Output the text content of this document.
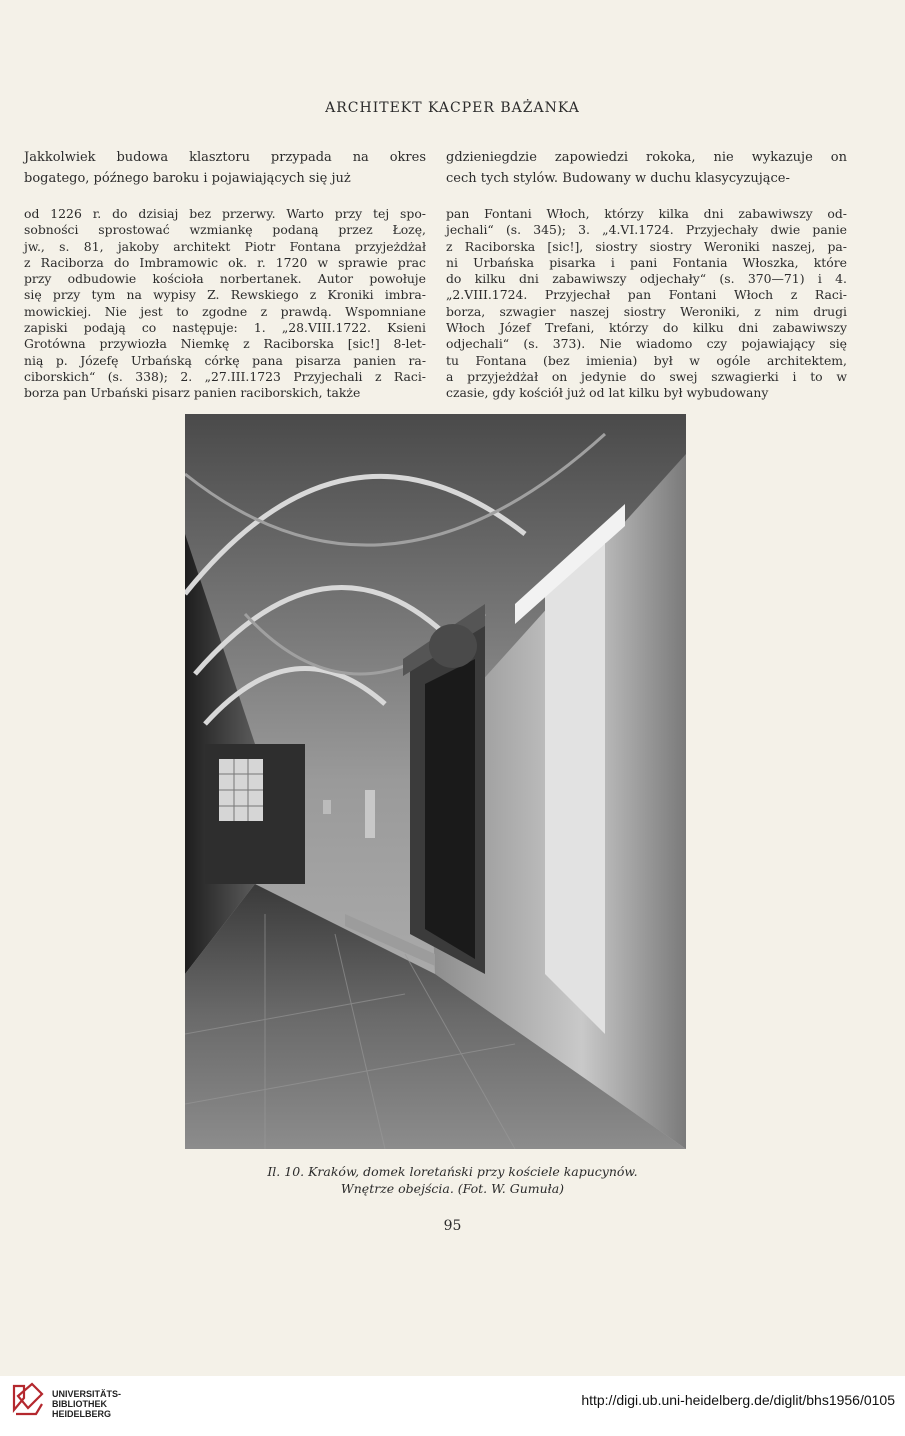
ARCHITEKT KACPER BAŻANKA
Jakkolwiek budowa klasztoru przypada na okres
bogatego, późnego baroku i pojawiających się już
gdzieniegdzie zapowiedzi rokoka, nie wykazuje on
cech tych stylów. Budowany w duchu klasycyzujące-
od 1226 r. do dzisiaj bez przerwy. Warto przy tej spo-
sobności sprostować wzmiankę podaną przez Łozę,
jw., s. 81, jakoby architekt Piotr Fontana przyjeżdżał
z Raciborza do Imbramowic ok. r. 1720 w sprawie prac
przy odbudowie kościoła norbertanek. Autor powołuje
się przy tym na wypisy Z. Rewskiego z Kroniki imbra-
mowickiej. Nie jest to zgodne z prawdą. Wspomniane
zapiski podają co następuje: 1. „28.VIII.1722. Ksieni
Grotówna przywiozła Niemkę z Raciborska [sic!] 8-let-
nią p. Józefę Urbańską córkę pana pisarza panien ra-
ciborskich“ (s. 338); 2. „27.III.1723 Przyjechali z Raci-
borza pan Urbański pisarz panien raciborskich, także
pan Fontani Włoch, którzy kilka dni zabawiwszy od-
jechali“ (s. 345); 3. „4.VI.1724. Przyjechały dwie panie
z Raciborska [sic!], siostry siostry Weroniki naszej, pa-
ni Urbańska pisarka i pani Fontania Włoszka, które
do kilku dni zabawiwszy odjechały“ (s. 370—71) i 4.
„2.VIII.1724. Przyjechał pan Fontani Włoch z Raci-
borza, szwagier naszej siostry Weroniki, z nim drugi
Włoch Józef Trefani, którzy do kilku dni zabawiwszy
odjechali“ (s. 373). Nie wiadomo czy pojawiający się
tu Fontana (bez imienia) był w ogóle architektem,
a przyjeżdżał on jedynie do swej szwagierki i to w
czasie, gdy kościół już od lat kilku był wybudowany
Il. 10. Kraków, domek loretański przy kościele kapucynów.
Wnętrze obejścia. (Fot. W. Gumuła)
95
UNIVERSITÄTS-
BIBLIOTHEK
HEIDELBERG
http://digi.ub.uni-heidelberg.de/diglit/bhs1956/0105
